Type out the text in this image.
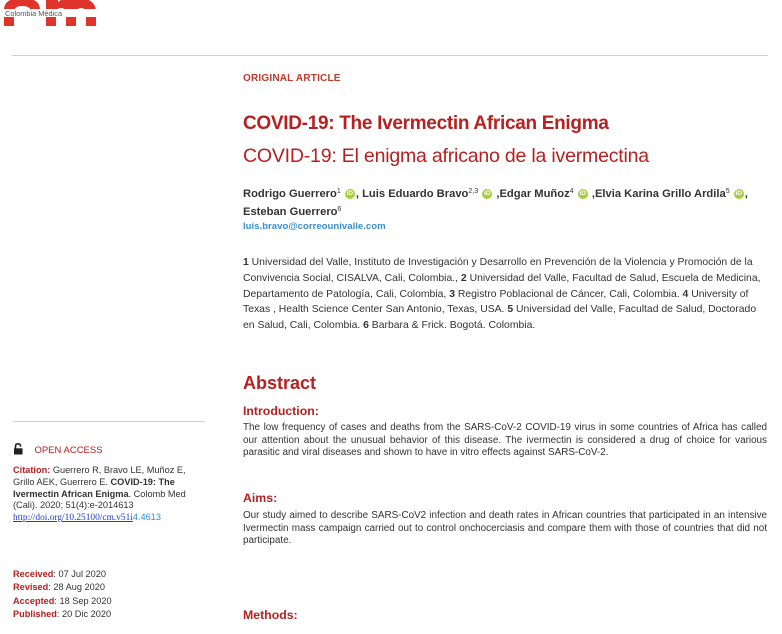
Colombia Médica
ORIGINAL ARTICLE
COVID-19: The Ivermectin African Enigma
COVID-19: El enigma africano de la ivermectina
Rodrigo Guerrero$^1$ iD , Luis Eduardo Bravo$^{2,3}$ iD ,Edgar Muñoz$^4$ iD ,Elvia Karina Grillo Ardila$^5$ iD , Esteban Guerrero$^6$
luis.bravo@correounivalle.com
1 Universidad del Valle, Instituto de Investigación y Desarrollo en Prevención de la Violencia y Promoción de la Convivencia Social, CISALVA, Cali, Colombia., 2 Universidad del Valle, Facultad de Salud, Escuela de Medicina, Departamento de Patología, Cali, Colombia, 3 Registro Poblacional de Cáncer, Cali, Colombia. 4 University of Texas , Health Science Center San Antonio, Texas, USA. 5 Universidad del Valle, Facultad de Salud, Doctorado en Salud, Cali, Colombia. 6 Barbara & Frick. Bogotá. Colombia.
Abstract
Introduction:
The low frequency of cases and deaths from the SARS-CoV-2 COVID-19 virus in some countries of Africa has called our attention about the unusual behavior of this disease. The ivermectin is considered a drug of choice for various parasitic and viral diseases and shown to have in vitro effects against SARS-CoV-2.
Aims:
Our study aimed to describe SARS-CoV2 infection and death rates in African countries that participated in an intensive Ivermectin mass campaign carried out to control onchocerciasis and compare them with those of countries that did not participate.
Methods:
OPEN ACCESS
Citation: Guerrero R, Bravo LE, Muñoz E, Grillo AEK, Guerrero E. COVID-19: The Ivermectin African Enigma. Colomb Med (Cali). 2020; 51(4):e-2014613 http://doi.org/10.25100/cm.v51i4.4613
Received: 07 Jul 2020
Revised: 28 Aug 2020
Accepted: 18 Sep 2020
Published: 20 Dic 2020
